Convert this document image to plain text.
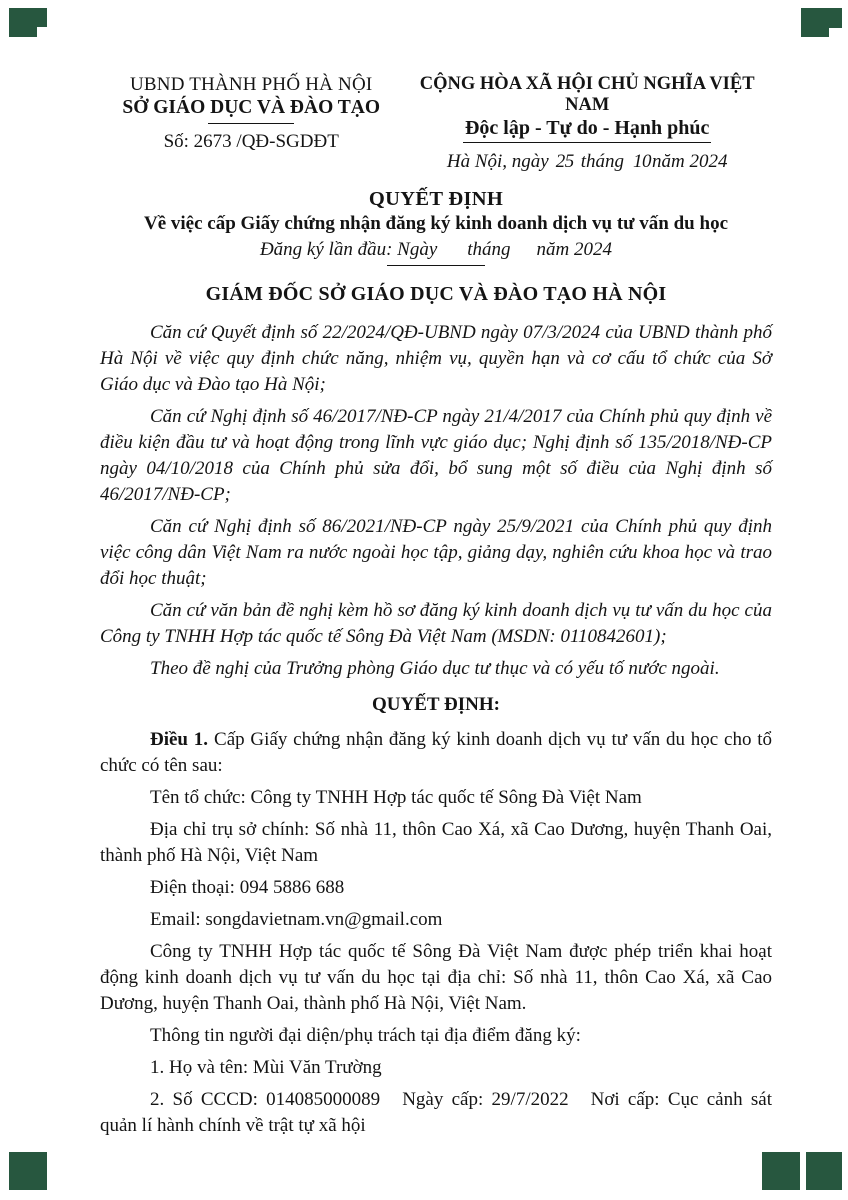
UBND THÀNH PHỐ HÀ NỘI
SỞ GIÁO DỤC VÀ ĐÀO TẠO
Số: 2673 /QĐ-SGDĐT
CỘNG HÒA XÃ HỘI CHỦ NGHĨA VIỆT NAM
Độc lập - Tự do - Hạnh phúc
Hà Nội, ngày 25 tháng 10năm 2024
QUYẾT ĐỊNH
Về việc cấp Giấy chứng nhận đăng ký kinh doanh dịch vụ tư vấn du học
Đăng ký lần đầu: Ngày tháng năm 2024
GIÁM ĐỐC SỞ GIÁO DỤC VÀ ĐÀO TẠO HÀ NỘI

Căn cứ Quyết định số 22/2024/QĐ-UBND ngày 07/3/2024 của UBND thành phố Hà Nội về việc quy định chức năng, nhiệm vụ, quyền hạn và cơ cấu tổ chức của Sở Giáo dục và Đào tạo Hà Nội;

Căn cứ Nghị định số 46/2017/NĐ-CP ngày 21/4/2017 của Chính phủ quy định về điều kiện đầu tư và hoạt động trong lĩnh vực giáo dục; Nghị định số 135/2018/NĐ-CP ngày 04/10/2018 của Chính phủ sửa đổi, bổ sung một số điều của Nghị định số 46/2017/NĐ-CP;

Căn cứ Nghị định số 86/2021/NĐ-CP ngày 25/9/2021 của Chính phủ quy định việc công dân Việt Nam ra nước ngoài học tập, giảng dạy, nghiên cứu khoa học và trao đổi học thuật;

Căn cứ văn bản đề nghị kèm hồ sơ đăng ký kinh doanh dịch vụ tư vấn du học của Công ty TNHH Hợp tác quốc tế Sông Đà Việt Nam (MSDN: 0110842601);

Theo đề nghị của Trưởng phòng Giáo dục tư thục và có yếu tố nước ngoài.

QUYẾT ĐỊNH:

Điều 1. Cấp Giấy chứng nhận đăng ký kinh doanh dịch vụ tư vấn du học cho tổ chức có tên sau:

Tên tổ chức: Công ty TNHH Hợp tác quốc tế Sông Đà Việt Nam

Địa chỉ trụ sở chính: Số nhà 11, thôn Cao Xá, xã Cao Dương, huyện Thanh Oai, thành phố Hà Nội, Việt Nam

Điện thoại: 094 5886 688

Email: songdavietnam.vn@gmail.com

Công ty TNHH Hợp tác quốc tế Sông Đà Việt Nam được phép triển khai hoạt động kinh doanh dịch vụ tư vấn du học tại địa chỉ: Số nhà 11, thôn Cao Xá, xã Cao Dương, huyện Thanh Oai, thành phố Hà Nội, Việt Nam.

Thông tin người đại diện/phụ trách tại địa điểm đăng ký:

1. Họ và tên: Mùi Văn Trường

2. Số CCCD: 014085000089 Ngày cấp: 29/7/2022 Nơi cấp: Cục cảnh sát quản lí hành chính về trật tự xã hội
